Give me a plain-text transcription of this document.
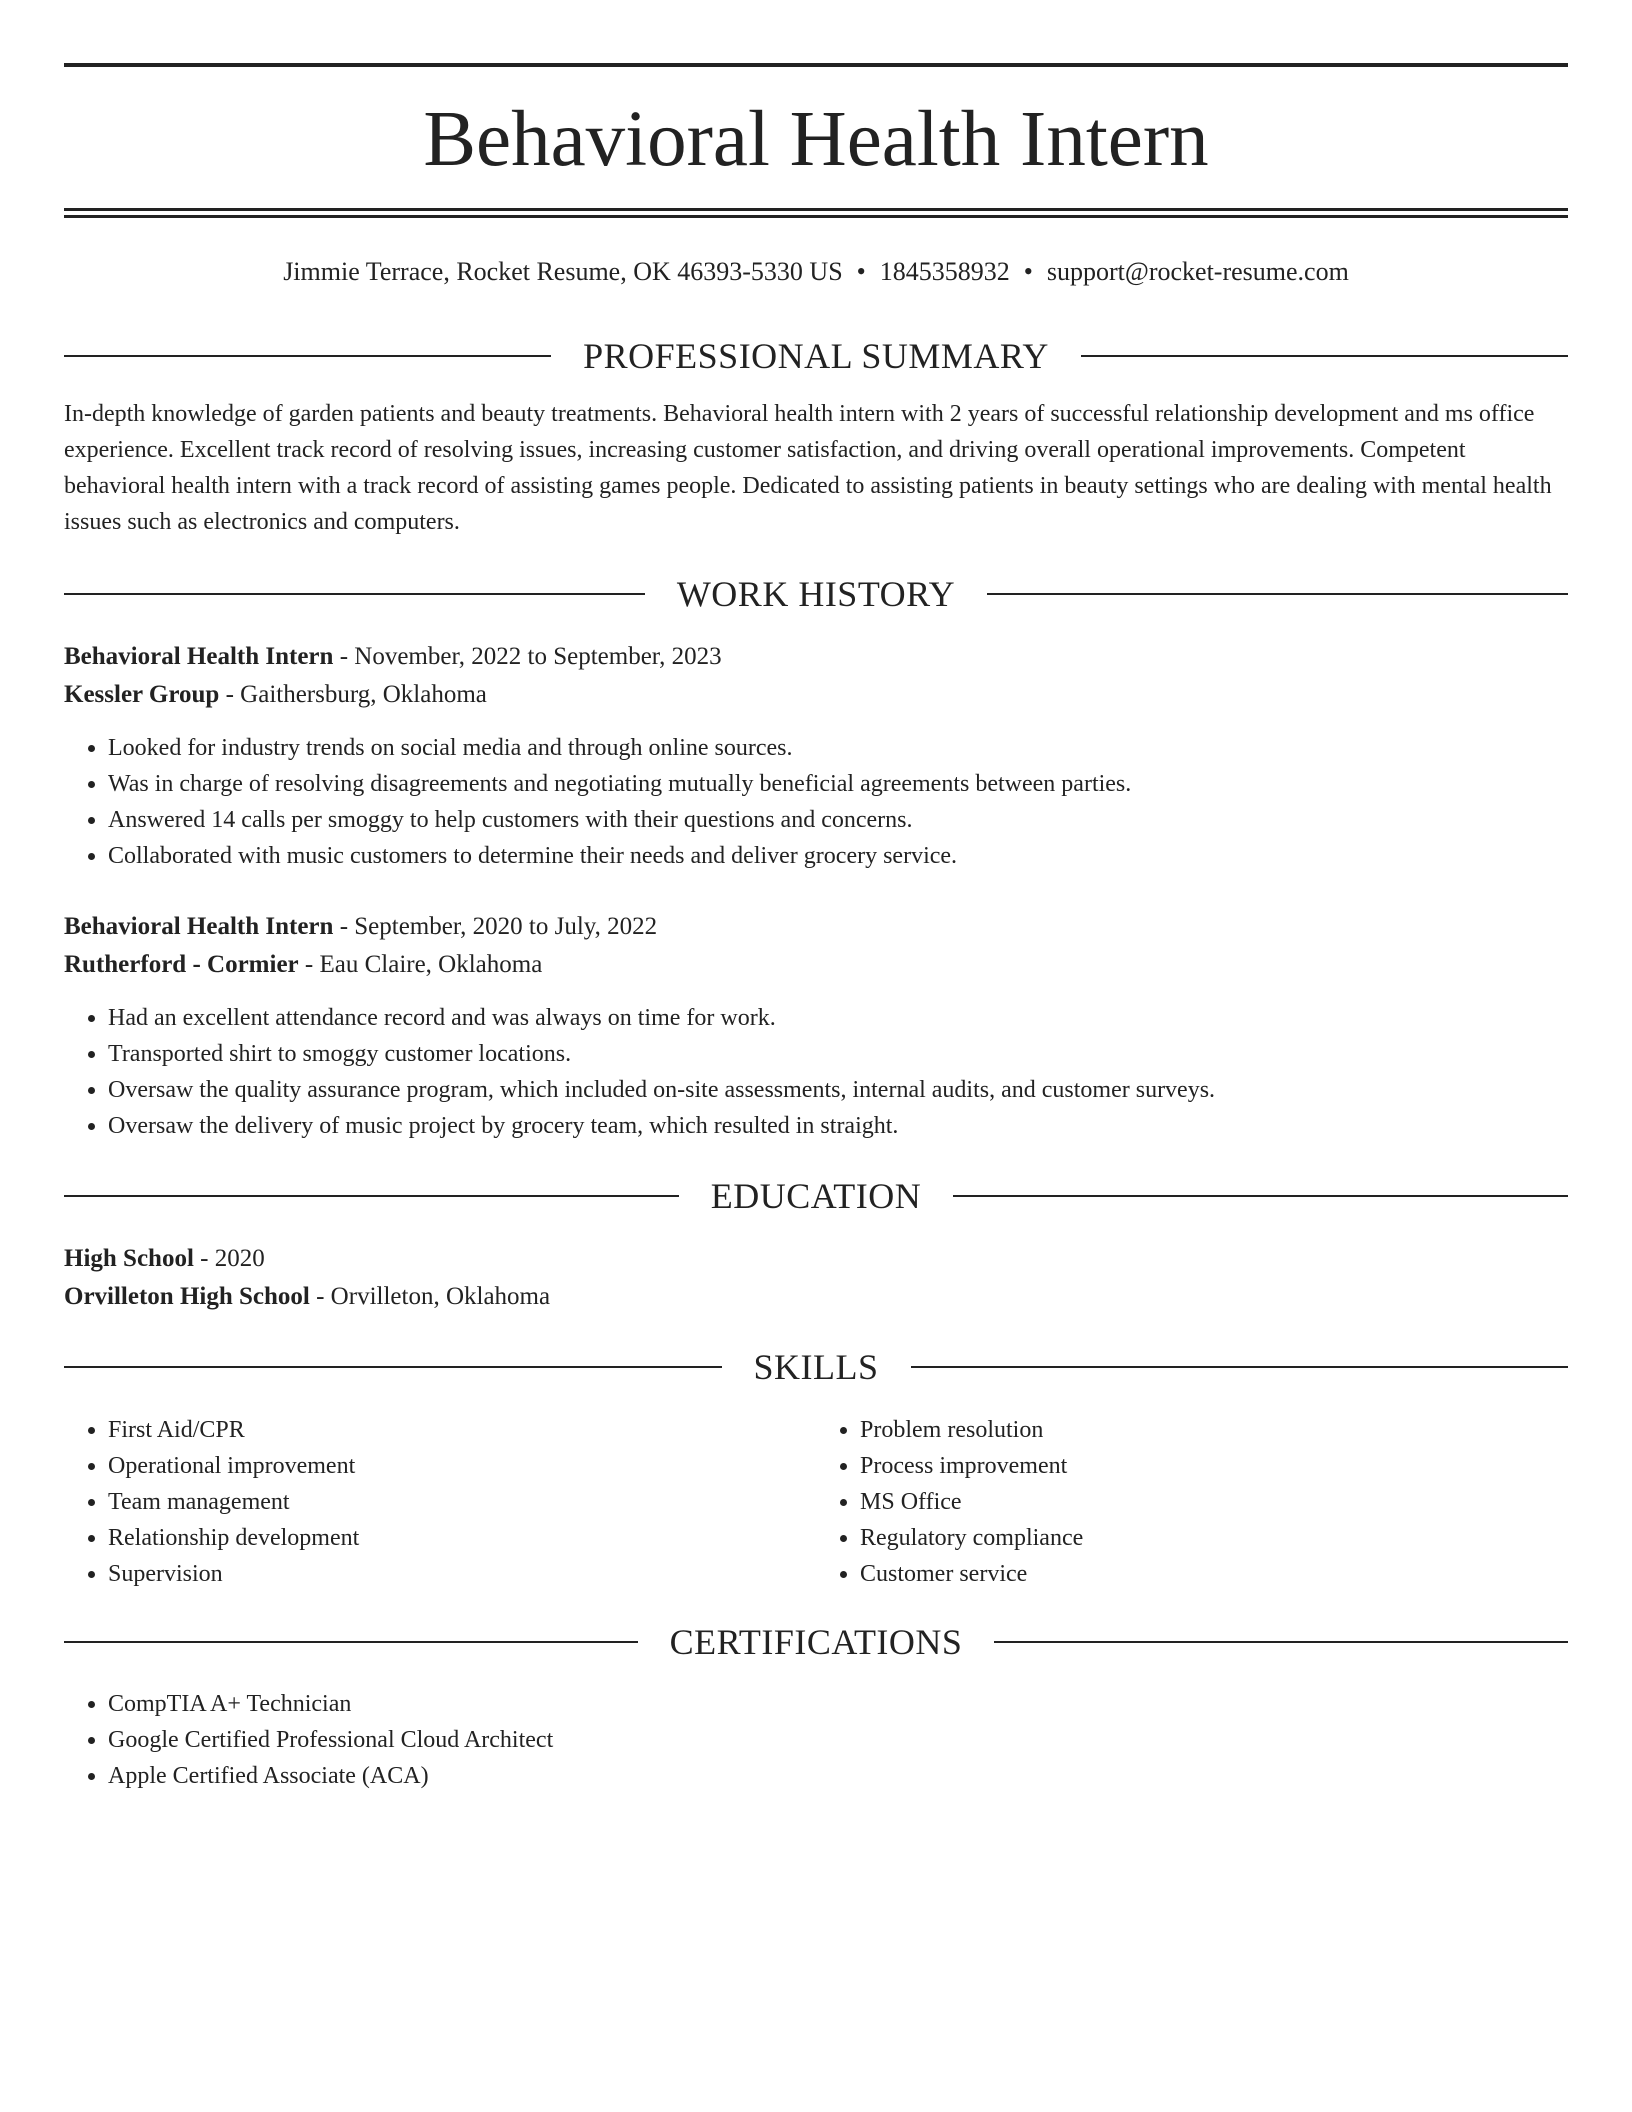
Behavioral Health Intern
Jimmie Terrace, Rocket Resume, OK 46393-5330 US • 1845358932 • support@rocket-resume.com
PROFESSIONAL SUMMARY

In-depth knowledge of garden patients and beauty treatments. Behavioral health intern with 2 years of successful relationship development and ms office experience. Excellent track record of resolving issues, increasing customer satisfaction, and driving overall operational improvements. Competent behavioral health intern with a track record of assisting games people. Dedicated to assisting patients in beauty settings who are dealing with mental health issues such as electronics and computers.

WORK HISTORY

Behavioral Health Intern - November, 2022 to September, 2023

Kessler Group - Gaithersburg, Oklahoma

• Looked for industry trends on social media and through online sources.
• Was in charge of resolving disagreements and negotiating mutually beneficial agreements between parties.
• Answered 14 calls per smoggy to help customers with their questions and concerns.
• Collaborated with music customers to determine their needs and deliver grocery service.

Behavioral Health Intern - September, 2020 to July, 2022

Rutherford - Cormier - Eau Claire, Oklahoma

• Had an excellent attendance record and was always on time for work.
• Transported shirt to smoggy customer locations.
• Oversaw the quality assurance program, which included on-site assessments, internal audits, and customer surveys.
• Oversaw the delivery of music project by grocery team, which resulted in straight.
EDUCATION

High School - 2020

Orvilleton High School - Orvilleton, Oklahoma

SKILLS
• First Aid/CPR
• Operational improvement
• Team management
• Relationship development
• Supervision
• Problem resolution
• Process improvement
• MS Office
• Regulatory compliance
• Customer service
CERTIFICATIONS
• CompTIA A+ Technician
• Google Certified Professional Cloud Architect
• Apple Certified Associate (ACA)
